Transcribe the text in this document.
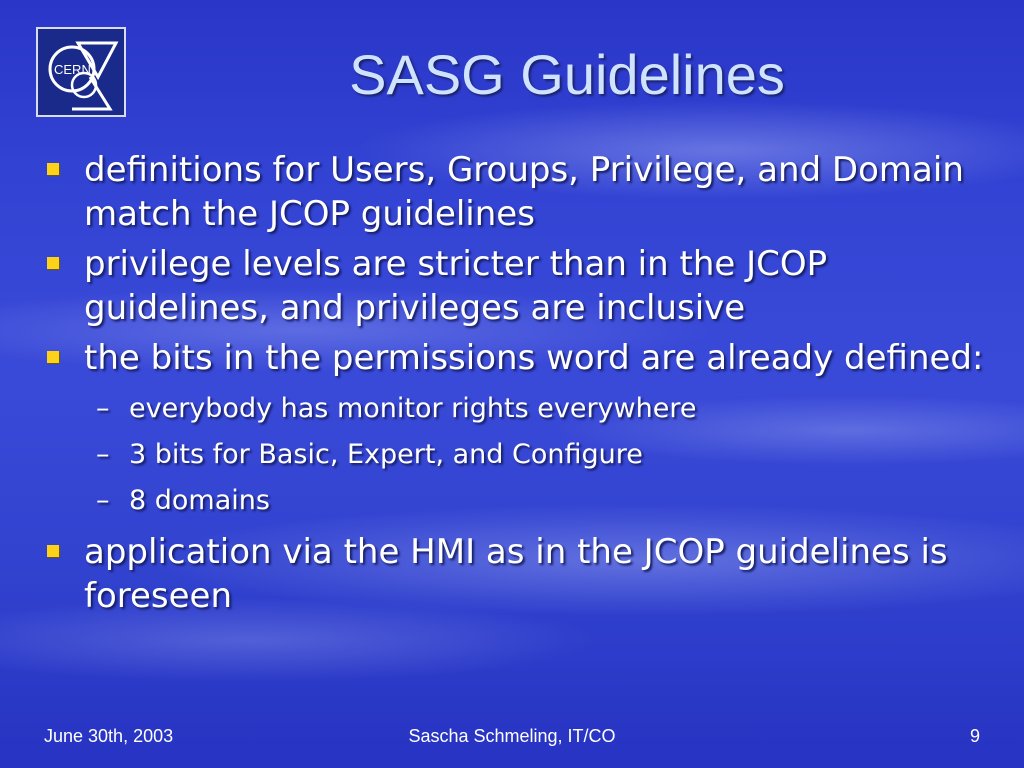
CERN	SASG Guidelines
definitions for Users, Groups, Privilege, and Domain match the JCOP guidelines
privilege levels are stricter than in the JCOP guidelines, and privileges are inclusive
the bits in the permissions word are already defined:
– everybody has monitor rights everywhere
– 3 bits for Basic, Expert, and Configure
– 8 domains
application via the HMI as in the JCOP guidelines is foreseen
June 30th, 2003	Sascha Schmeling, IT/CO	9
